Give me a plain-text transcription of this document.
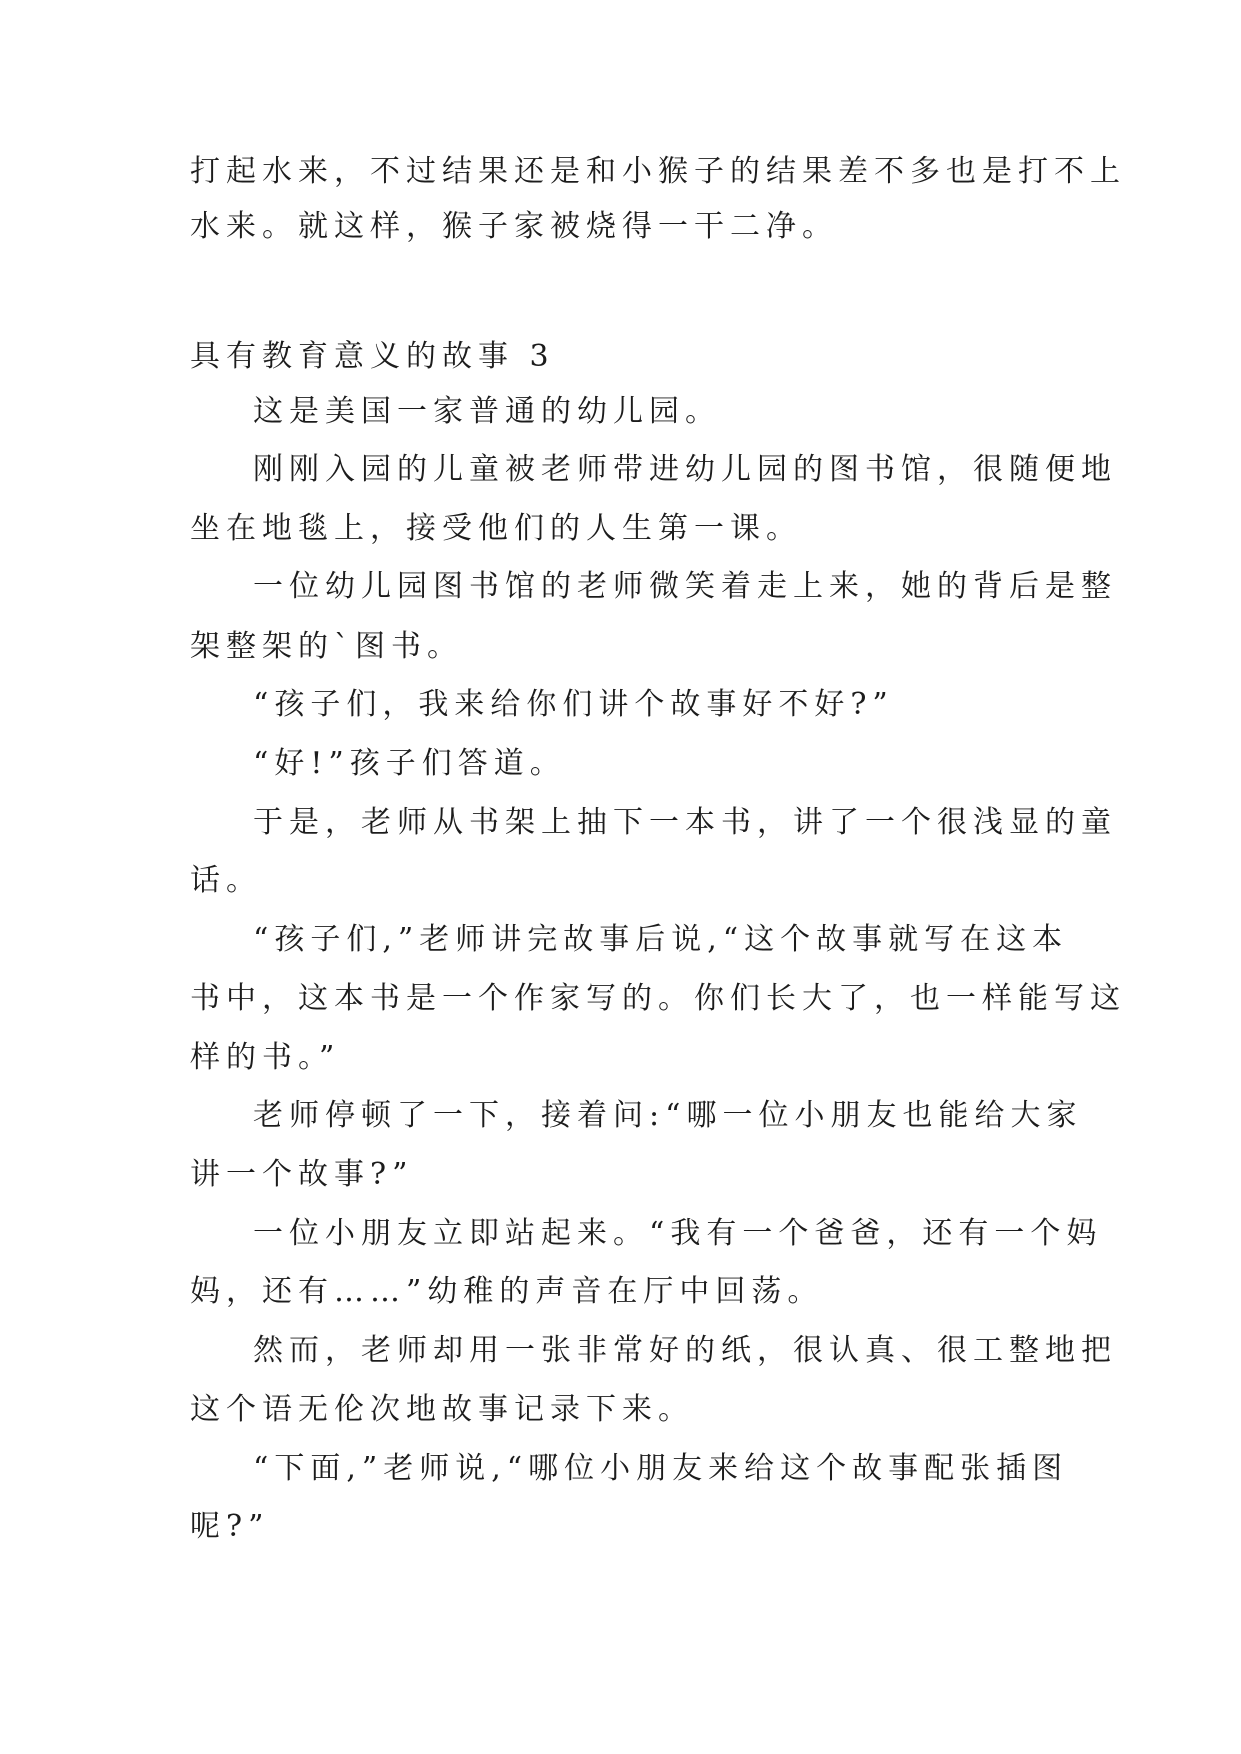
打起水来，不过结果还是和小猴子的结果差不多也是打不上
水来。就这样，猴子家被烧得一干二净。
具有教育意义的故事 3
这是美国一家普通的幼儿园。
刚刚入园的儿童被老师带进幼儿园的图书馆，很随便地
坐在地毯上，接受他们的人生第一课。
一位幼儿园图书馆的老师微笑着走上来，她的背后是整
架整架的`图书。
“孩子们，我来给你们讲个故事好不好?”
“好!”孩子们答道。
于是，老师从书架上抽下一本书，讲了一个很浅显的童
话。
“孩子们,”老师讲完故事后说,“这个故事就写在这本
书中，这本书是一个作家写的。你们长大了，也一样能写这
样的书。”
老师停顿了一下，接着问:“哪一位小朋友也能给大家
讲一个故事?”
一位小朋友立即站起来。“我有一个爸爸，还有一个妈
妈，还有……”幼稚的声音在厅中回荡。
然而，老师却用一张非常好的纸，很认真、很工整地把
这个语无伦次地故事记录下来。
“下面,”老师说,“哪位小朋友来给这个故事配张插图
呢?”
